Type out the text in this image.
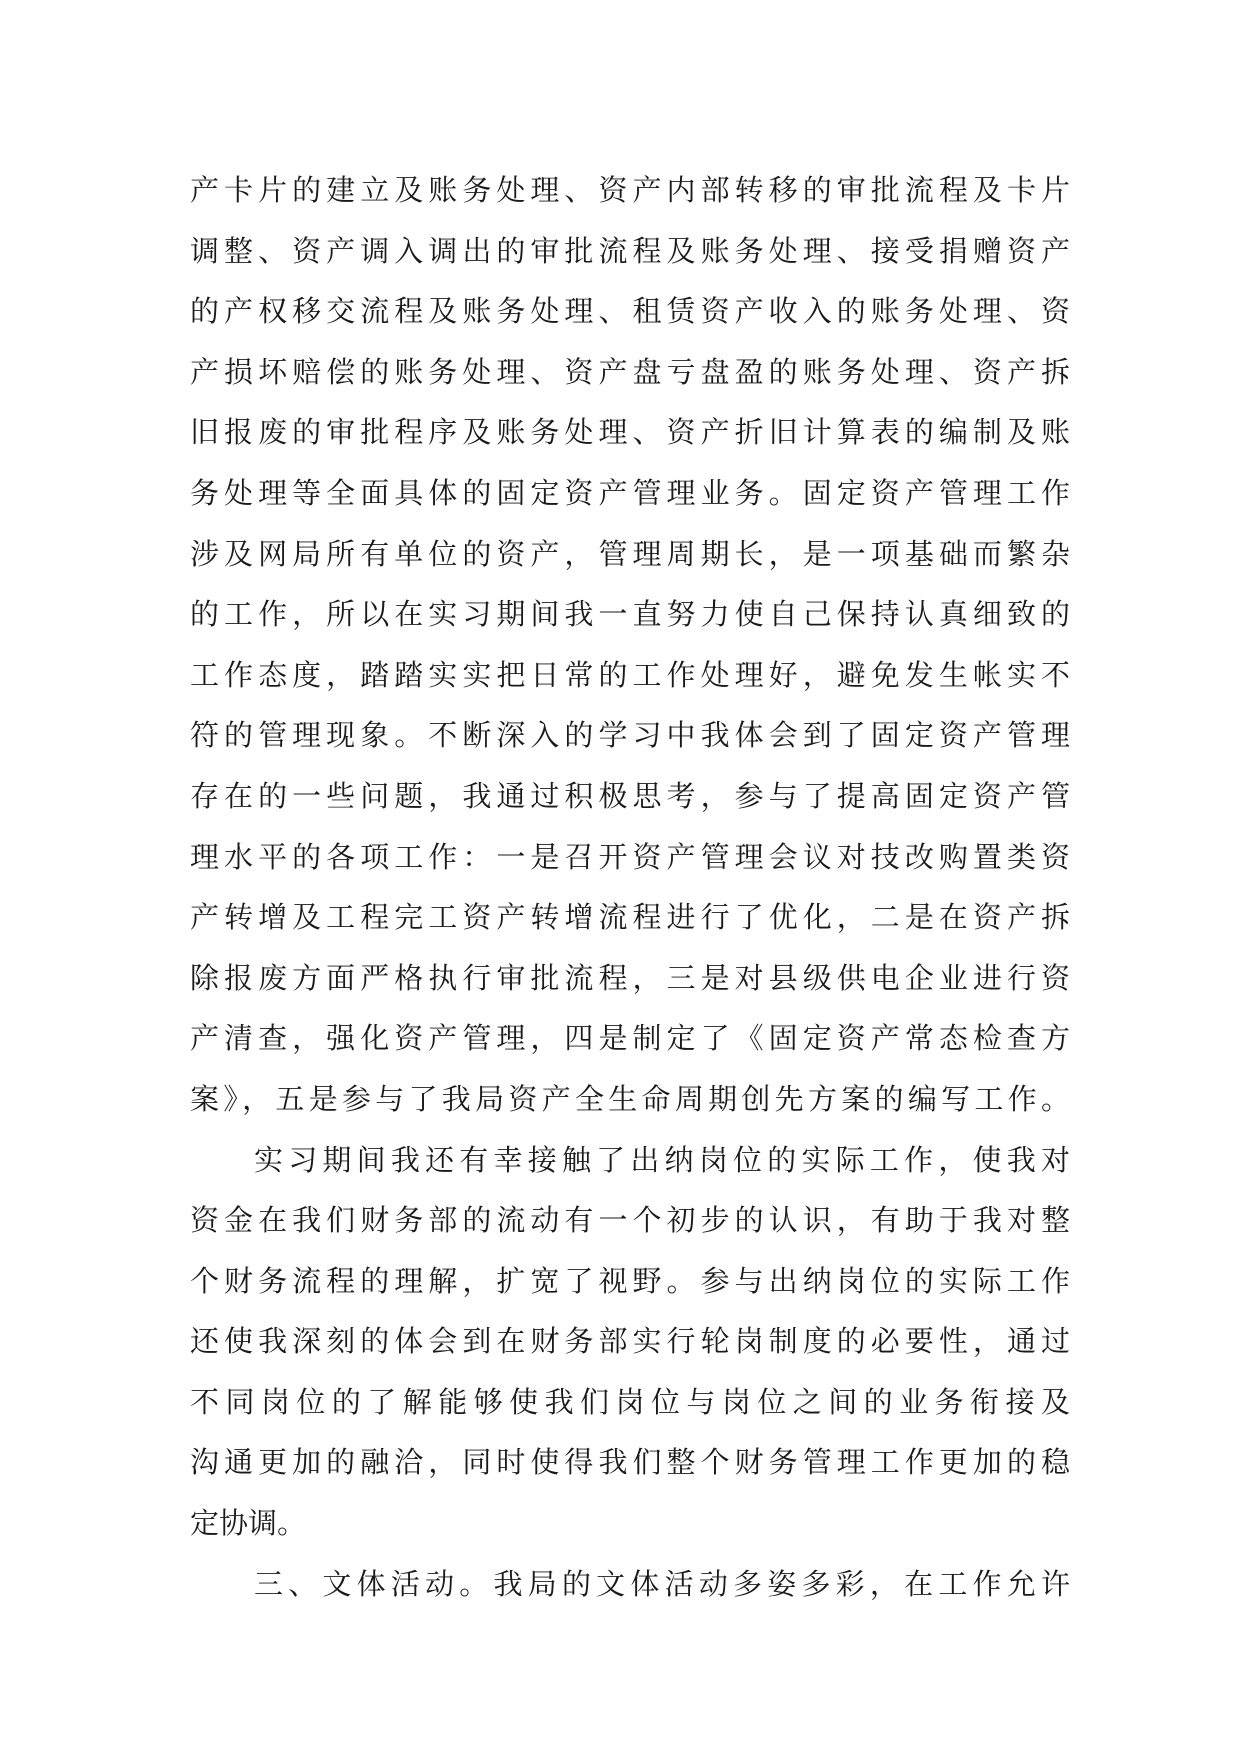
产卡片的建立及账务处理、资产内部转移的审批流程及卡片
调整、资产调入调出的审批流程及账务处理、接受捐赠资产
的产权移交流程及账务处理、租赁资产收入的账务处理、资
产损坏赔偿的账务处理、资产盘亏盘盈的账务处理、资产拆
旧报废的审批程序及账务处理、资产折旧计算表的编制及账
务处理等全面具体的固定资产管理业务。固定资产管理工作
涉及网局所有单位的资产，管理周期长，是一项基础而繁杂
的工作，所以在实习期间我一直努力使自己保持认真细致的
工作态度，踏踏实实把日常的工作处理好，避免发生帐实不
符的管理现象。不断深入的学习中我体会到了固定资产管理
存在的一些问题，我通过积极思考，参与了提高固定资产管
理水平的各项工作：一是召开资产管理会议对技改购置类资
产转增及工程完工资产转增流程进行了优化，二是在资产拆
除报废方面严格执行审批流程，三是对县级供电企业进行资
产清查，强化资产管理，四是制定了《固定资产常态检查方
案》，五是参与了我局资产全生命周期创先方案的编写工作。
实习期间我还有幸接触了出纳岗位的实际工作，使我对
资金在我们财务部的流动有一个初步的认识，有助于我对整
个财务流程的理解，扩宽了视野。参与出纳岗位的实际工作
还使我深刻的体会到在财务部实行轮岗制度的必要性，通过
不同岗位的了解能够使我们岗位与岗位之间的业务衔接及
沟通更加的融洽，同时使得我们整个财务管理工作更加的稳
定协调。
三、文体活动。我局的文体活动多姿多彩，在工作允许
